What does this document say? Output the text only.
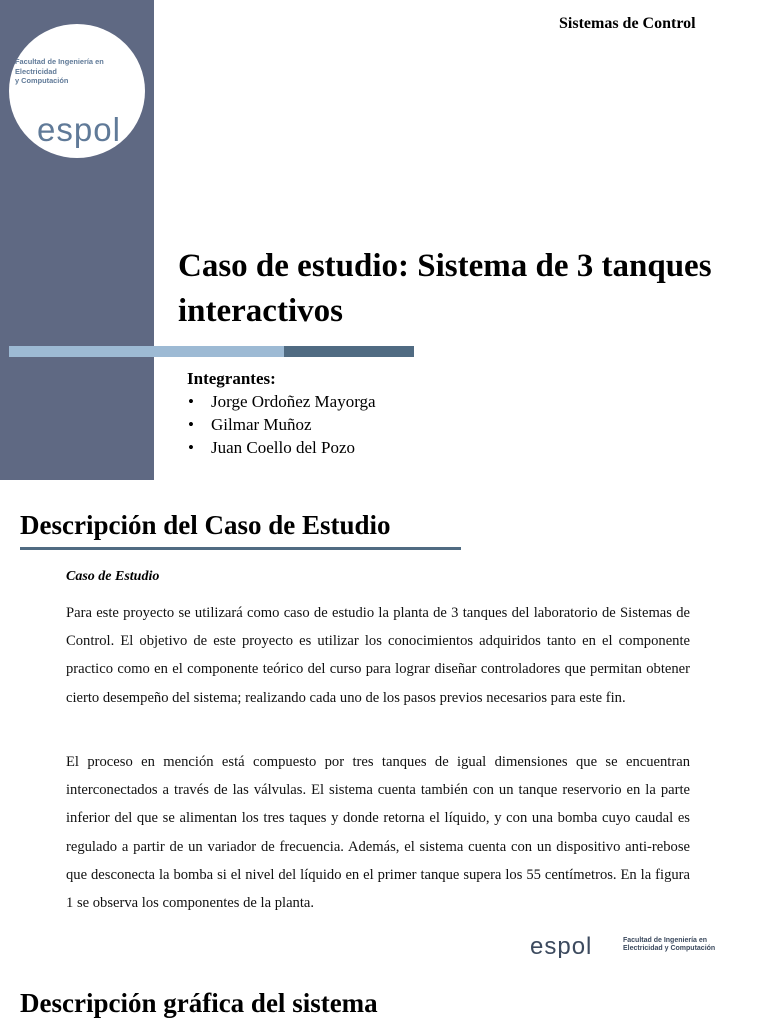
Facultad de Ingeniería en
Electricidad
y Computación
espol
Sistemas de Control
Caso de estudio: Sistema de 3 tanques interactivos
Integrantes:
• Jorge Ordoñez Mayorga
• Gilmar Muñoz
• Juan Coello del Pozo
Descripción del Caso de Estudio
Caso de Estudio

Para este proyecto se utilizará como caso de estudio la planta de 3 tanques del laboratorio de Sistemas de Control. El objetivo de este proyecto es utilizar los conocimientos adquiridos tanto en el componente practico como en el componente teórico del curso para lograr diseñar controladores que permitan obtener cierto desempeño del sistema; realizando cada uno de los pasos previos necesarios para este fin.

El proceso en mención está compuesto por tres tanques de igual dimensiones que se encuentran interconectados a través de las válvulas. El sistema cuenta también con un tanque reservorio en la parte inferior del que se alimentan los tres taques y donde retorna el líquido, y con una bomba cuyo caudal es regulado a partir de un variador de frecuencia. Además, el sistema cuenta con un dispositivo anti-rebose que desconecta la bomba si el nivel del líquido en el primer tanque supera los 55 centímetros. En la figura 1 se observa los componentes de la planta.

espol	Facultad de Ingeniería en
Electricidad y Computación
Descripción gráfica del sistema
